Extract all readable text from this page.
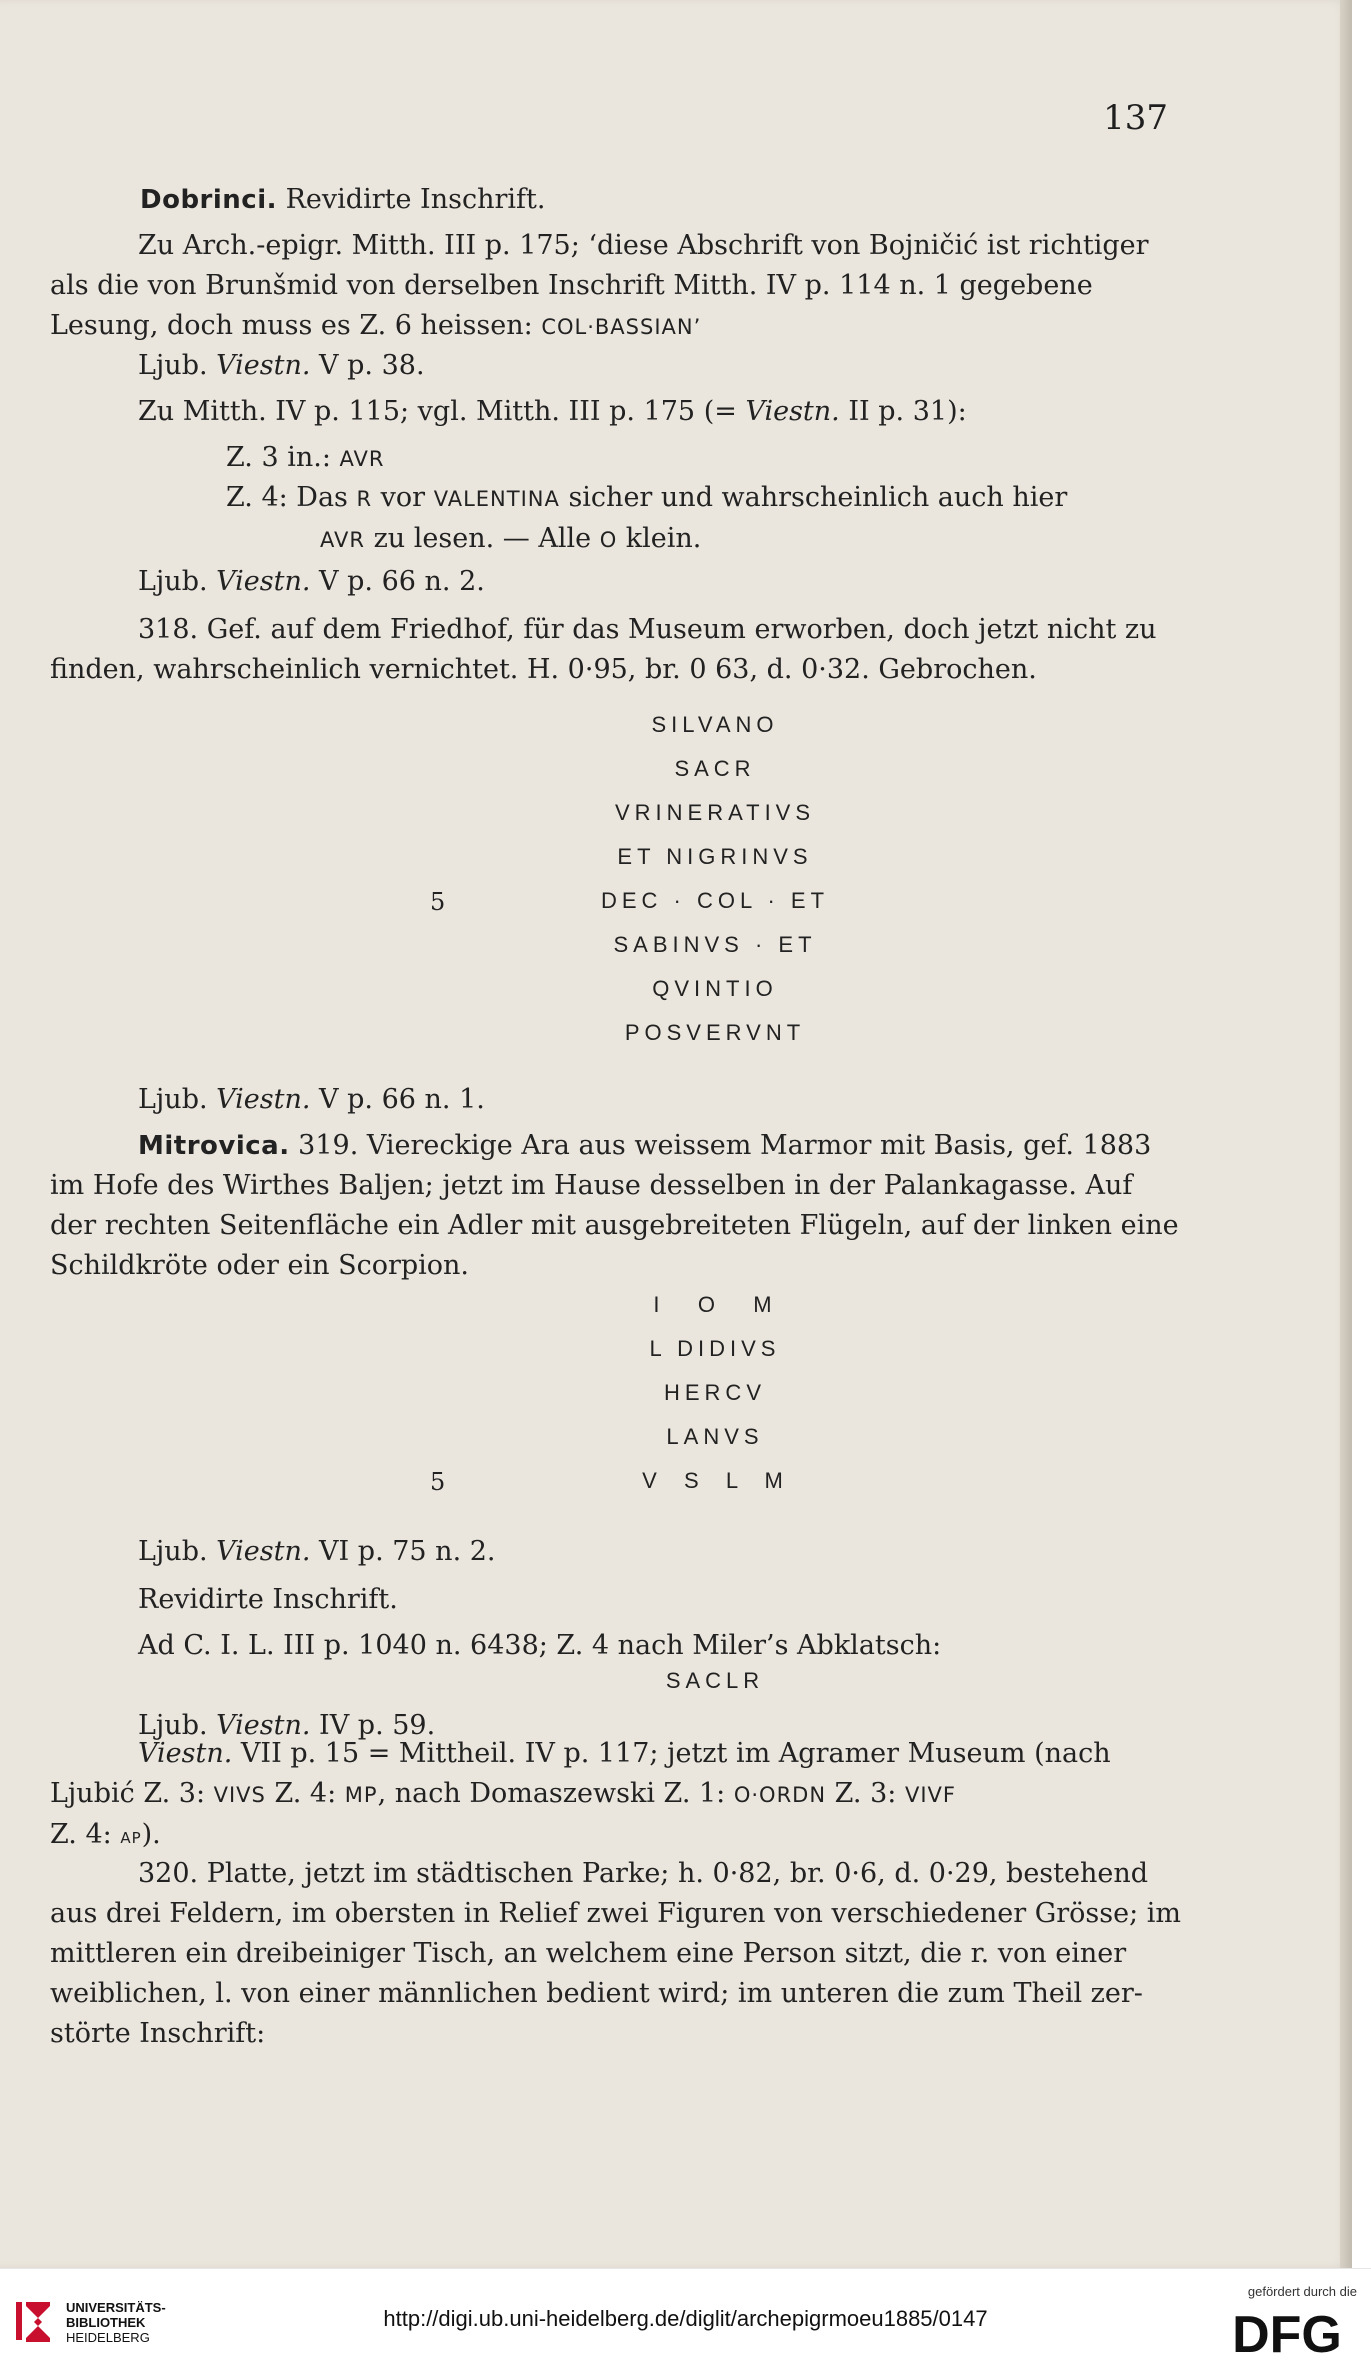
137
Dobrinci. Revidirte Inschrift.
Zu Arch.-epigr. Mitth. III p. 175; ‘diese Abschrift von Bojničić ist richtiger
als die von Brunšmid von derselben Inschrift Mitth. IV p. 114 n. 1 gegebene
Lesung, doch muss es Z. 6 heissen: COL·BASSIAN’
Ljub. Viestn. V p. 38.
Zu Mitth. IV p. 115; vgl. Mitth. III p. 175 (= Viestn. II p. 31):
Z. 3 in.: AVR
Z. 4: Das R vor VALENTINA sicher und wahrscheinlich auch hier
AVR zu lesen. — Alle O klein.
Ljub. Viestn. V p. 66 n. 2.
318. Gef. auf dem Friedhof, für das Museum erworben, doch jetzt nicht zu
finden, wahrscheinlich vernichtet. H. 0·95, br. 0 63, d. 0·32. Gebrochen.
SILVANO
SACR
VRINERATIVS
ET NIGRINVS
5	DEC · COL · ET
SABINVS · ET
QVINTIO
POSVERVNT
Ljub. Viestn. V p. 66 n. 1.
Mitrovica. 319. Viereckige Ara aus weissem Marmor mit Basis, gef. 1883
im Hofe des Wirthes Baljen; jetzt im Hause desselben in der Palankagasse. Auf
der rechten Seitenfläche ein Adler mit ausgebreiteten Flügeln, auf der linken eine
Schildkröte oder ein Scorpion.
I   O   M
L DIDIVS
HERCV
LANVS
5	V  S  L  M
Ljub. Viestn. VI p. 75 n. 2.
Revidirte Inschrift.
Ad C. I. L. III p. 1040 n. 6438; Z. 4 nach Miler’s Abklatsch:
SACLR
Ljub. Viestn. IV p. 59.
Viestn. VII p. 15 = Mittheil. IV p. 117; jetzt im Agramer Museum (nach
Ljubić Z. 3: VIVS Z. 4: MP, nach Domaszewski Z. 1: O·ORDN Z. 3: VIVF
Z. 4: AP).
320. Platte, jetzt im städtischen Parke; h. 0·82, br. 0·6, d. 0·29, bestehend
aus drei Feldern, im obersten in Relief zwei Figuren von verschiedener Grösse; im
mittleren ein dreibeiniger Tisch, an welchem eine Person sitzt, die r. von einer
weiblichen, l. von einer männlichen bedient wird; im unteren die zum Theil zer-
störte Inschrift:
UNIVERSITÄTS-
BIBLIOTHEK
HEIDELBERG
http://digi.ub.uni-heidelberg.de/diglit/archepigrmoeu1885/0147
gefördert durch die
DFG
